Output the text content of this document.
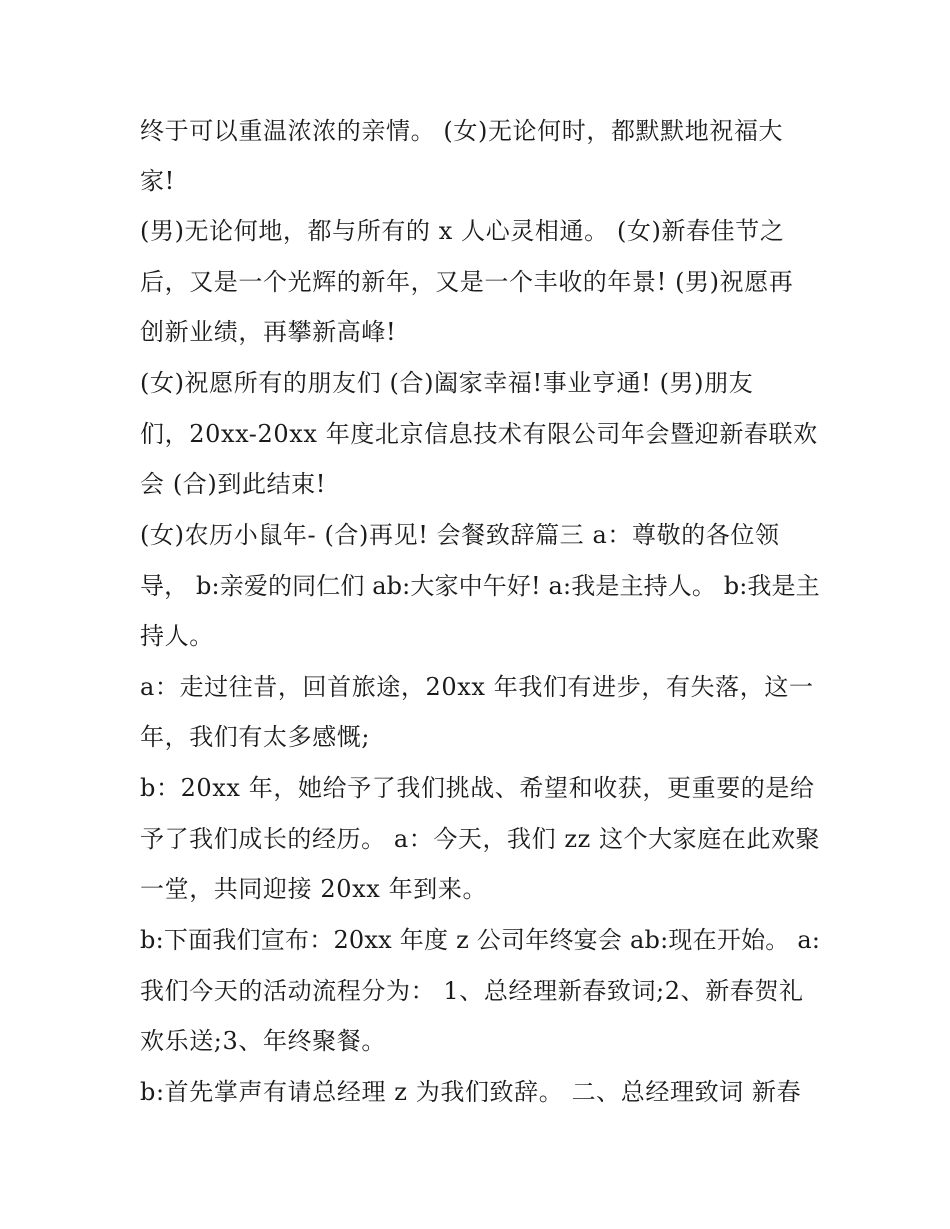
终于可以重温浓浓的亲情。 (女)无论何时，都默默地祝福大
家!
(男)无论何地，都与所有的 x 人心灵相通。 (女)新春佳节之
后，又是一个光辉的新年，又是一个丰收的年景! (男)祝愿再
创新业绩，再攀新高峰!
(女)祝愿所有的朋友们 (合)阖家幸福!事业亨通! (男)朋友
们，20xx-20xx 年度北京信息技术有限公司年会暨迎新春联欢
会 (合)到此结束!
(女)农历小鼠年- (合)再见! 会餐致辞篇三 a：尊敬的各位领
导， b:亲爱的同仁们 ab:大家中午好! a:我是主持人。 b:我是主
持人。
a：走过往昔，回首旅途，20xx 年我们有进步，有失落，这一
年，我们有太多感慨;
b：20xx 年，她给予了我们挑战、希望和收获，更重要的是给
予了我们成长的经历。 a：今天，我们 zz 这个大家庭在此欢聚
一堂，共同迎接 20xx 年到来。
b:下面我们宣布：20xx 年度 z 公司年终宴会 ab:现在开始。 a:
我们今天的活动流程分为： 1、总经理新春致词;2、新春贺礼
欢乐送;3、年终聚餐。
b:首先掌声有请总经理 z 为我们致辞。 二、总经理致词 新春
